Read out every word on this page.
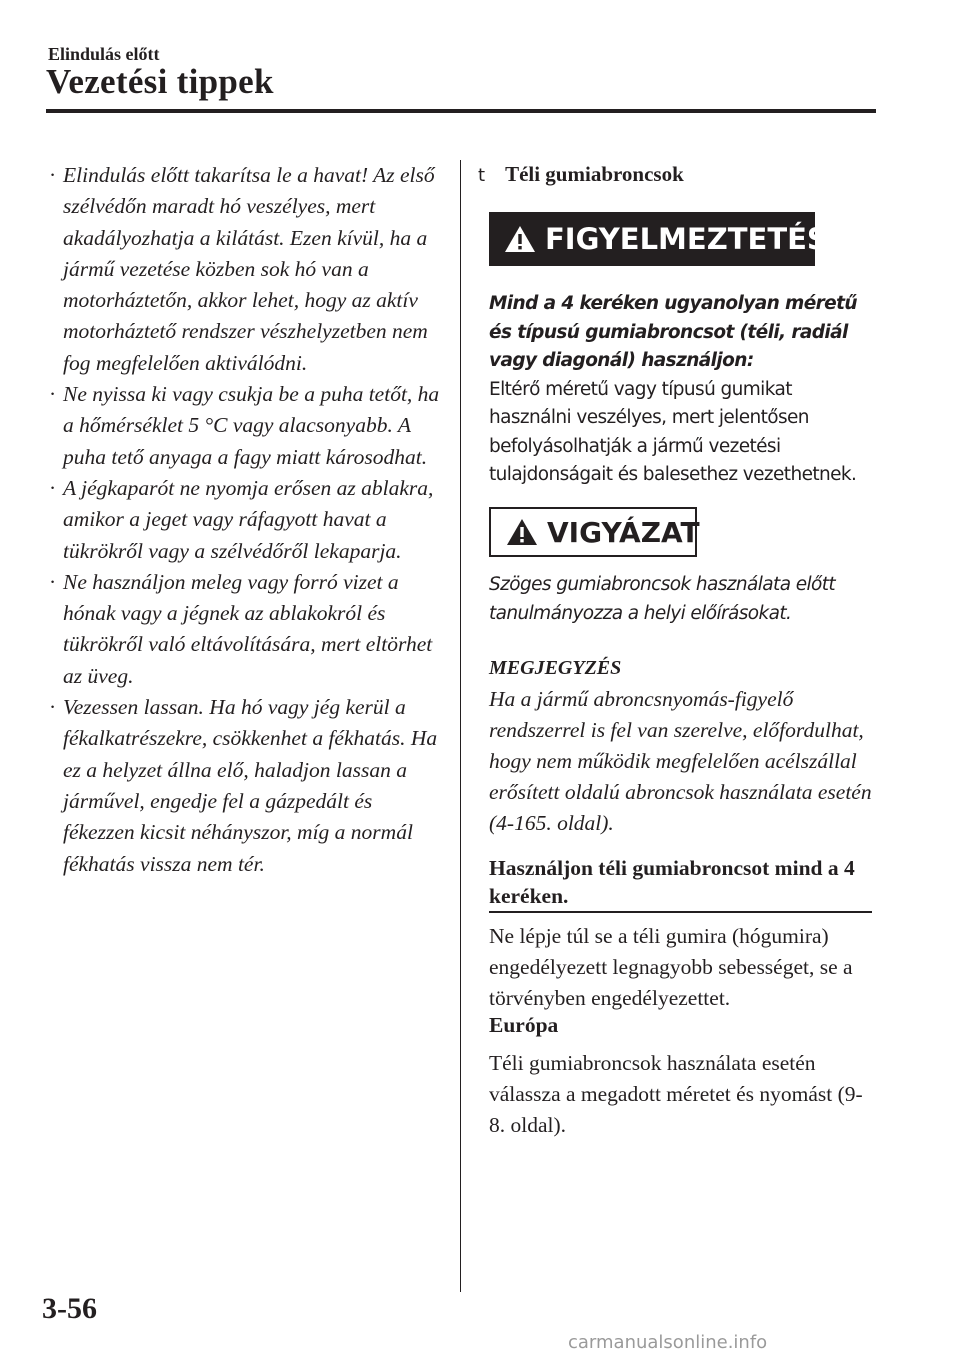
Elindulás előtt
Vezetési tippek
· Elindulás előtt takarítsa le a havat! Az első szélvédőn maradt hó veszélyes, mert akadályozhatja a kilátást. Ezen kívül, ha a jármű vezetése közben sok hó van a motorháztetőn, akkor lehet, hogy az aktív motorháztető rendszer vészhelyzetben nem fog megfelelően aktiválódni.
· Ne nyissa ki vagy csukja be a puha tetőt, ha a hőmérséklet 5 °C vagy alacsonyabb. A puha tető anyaga a fagy miatt károsodhat.
· A jégkaparót ne nyomja erősen az ablakra, amikor a jeget vagy ráfagyott havat a tükrökről vagy a szélvédőről lekaparja.
· Ne használjon meleg vagy forró vizet a hónak vagy a jégnek az ablakokról és tükrökről való eltávolítására, mert eltörhet az üveg.
· Vezessen lassan. Ha hó vagy jég kerül a fékalkatrészekre, csökkenhet a fékhatás. Ha ez a helyzet állna elő, haladjon lassan a járművel, engedje fel a gázpedált és fékezzen kicsit néhányszor, míg a normál fékhatás vissza nem tér.
t Téli gumiabroncsok
FIGYELMEZTETÉS
Mind a 4 keréken ugyanolyan méretű és típusú gumiabroncsot (téli, radiál vagy diagonál) használjon:
Eltérő méretű vagy típusú gumikat használni veszélyes, mert jelentősen befolyásolhatják a jármű vezetési tulajdonságait és balesethez vezethetnek.
VIGYÁZAT
Szöges gumiabroncsok használata előtt tanulmányozza a helyi előírásokat.
MEGJEGYZÉS
Ha a jármű abroncsnyomás-figyelő rendszerrel is fel van szerelve, előfordulhat, hogy nem működik megfelelően acélszállal erősített oldalú abroncsok használata esetén (4-165. oldal).
Használjon téli gumiabroncsot mind a 4 keréken.
Ne lépje túl se a téli gumira (hógumira) engedélyezett legnagyobb sebességet, se a törvényben engedélyezettet.
Európa
Téli gumiabroncsok használata esetén válassza a megadott méretet és nyomást (9-8. oldal).
3-56
carmanualsonline.info
